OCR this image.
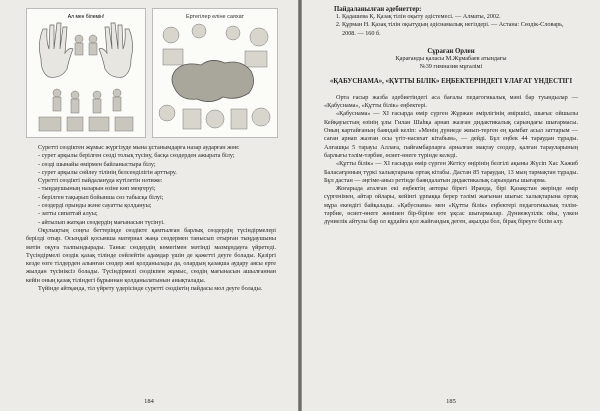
Ал мен білемін!	Ертегілер еліне саяхат

Суретті сөздіктен жұмыс жүргізуде мына ұстанымдарға назар аударған жөн:

- сурет арқылы берілген сөзді толық түсіну, басқа сөздерден ажырата білу;
- сөзді шынайы өмірмен байланыстыра білу;
- сурет арқылы сөйлеу тілінің белсенділігін арттыру.

Суретті сөздікті пайдалануда күтілетін нәтиже:

- тыңдаушының назарын өзіне көп меңгеруі;
- берілген тақырып бойынша сөз табысқа білуі;
- сөздерді орынды және сауатты қолдануы;
- затты сипаттай алуы;
- айтылып жатқан сөздердің мағынасын түсінуі.

Оқулықтың соңғы беттеріңде сөздікте қамтылған барлық сөздердің түсіндірмелері берілді отыр. Осындай қосымша материал жаңа сөздермен танысып отырған тыңдаушыны мәтін оқуға талпындырады. Таныс сөздердің көмегімен мәтінді мазмұндауға үйретеді. Түсіндірмелі сөздік қазақ тілінде сөйлейтін адамдар үшін де қажетті деуге болады. Қазіргі кезде өзге тілдерден алынған сөздер жиі қолданылады да, олардың қазақша аудару аясы ерте жылдан түсініксіз болады. Түсіндірмелі сөздікпен жұмыс, сөздің мағынасын ашылғаннан кейін оның қазақ тіліндегі бұрыннан қолданылатынын анықталады.

Түйінде айтқанда, тіл үйрету үдерісінде суретті сөздіктің пайдасы мол деуге болады.

184
Пайдаланылған әдебиеттер:
1. Қадашева Қ. Қазақ тілін оқыту әдістемесі. — Алматы, 2002.
2. Құрман Н. Қазақ тілін оқытудың әдіснамалық негіздері. — Астана: Сөздік-Словарь, 2008. — 160 б.
Сұраған Орлен
Қарағанды қаласы М.Жұмабаев атындағы
№39 гимназия мұғалімі
«ҚАБУСНАМА», «ҚҰТТЫ БІЛІК» ЕҢБЕКТЕРІНДЕГІ ҰЛАҒАТ ҮНДЕСТІГІ

Орта ғасыр жазба әдебиетіндегі аса бағалы педагогикалық мәні бар туындылар — «Қабуснама», «Құтты білік» еңбектері.

«Қабуснама» — XI ғасырда өмір сүрген Жұржан әмірлігінің әміршісі, шығыс ойшылы Кейқауыстың өзінің ұлы Гилан Шаһқа арнап жазған дидактикалық сарындағы шығармасы. Оның картайғаның баяндай келіп: «Менің дүниеде жиып-терген ең қымбат асыл заттарым — саған арнап жазған осы үгіт-насихат кітабым», — дейді. Бұл еңбек 44 тараудан тұрады. Алғашқы 5 тарауы Аллаға, пайғамбарларға арналған мақтау сөздер, қалған тарауларының барлығы тәлім-тәрбие, өсиет-өнеге түрінде келеді.

«Құтты білік» — XI ғасырда өмір сүрген Жетісу өңірінің белгілі ақыны Жүсіп Хас Хажиб Баласағұнның түркі халықтарына ортақ кітабы. Дастан 85 тараудан, 13 мың тармақтан тұрады. Бұл дастан — әңгіме-аныз ретінде баяндалатын дидактикалық сарындағы шығарма.

Жоғарыда аталған екі еңбектің авторы бірегі Иранда, бірі Қазақстан жерінде өмір сүргенімен, айтар ойлары, кейінгі ұрпаққа берер тәлімі жағынан шығыс халықтарына ортақ мұра екендігі байқалады. «Қабуснама» мен «Құтты білік» еңбектері педагогикалық тәлім-тәрбие, өсиет-өнеге жөнінен бір-біріне өте ұқсас шығармалар. Дүниежүзілік ойы, үлкен дүниелік айтулы бар ол құдайға қол жайғандық деген, ақылды бол, бірақ біреуге білім алу.

185
